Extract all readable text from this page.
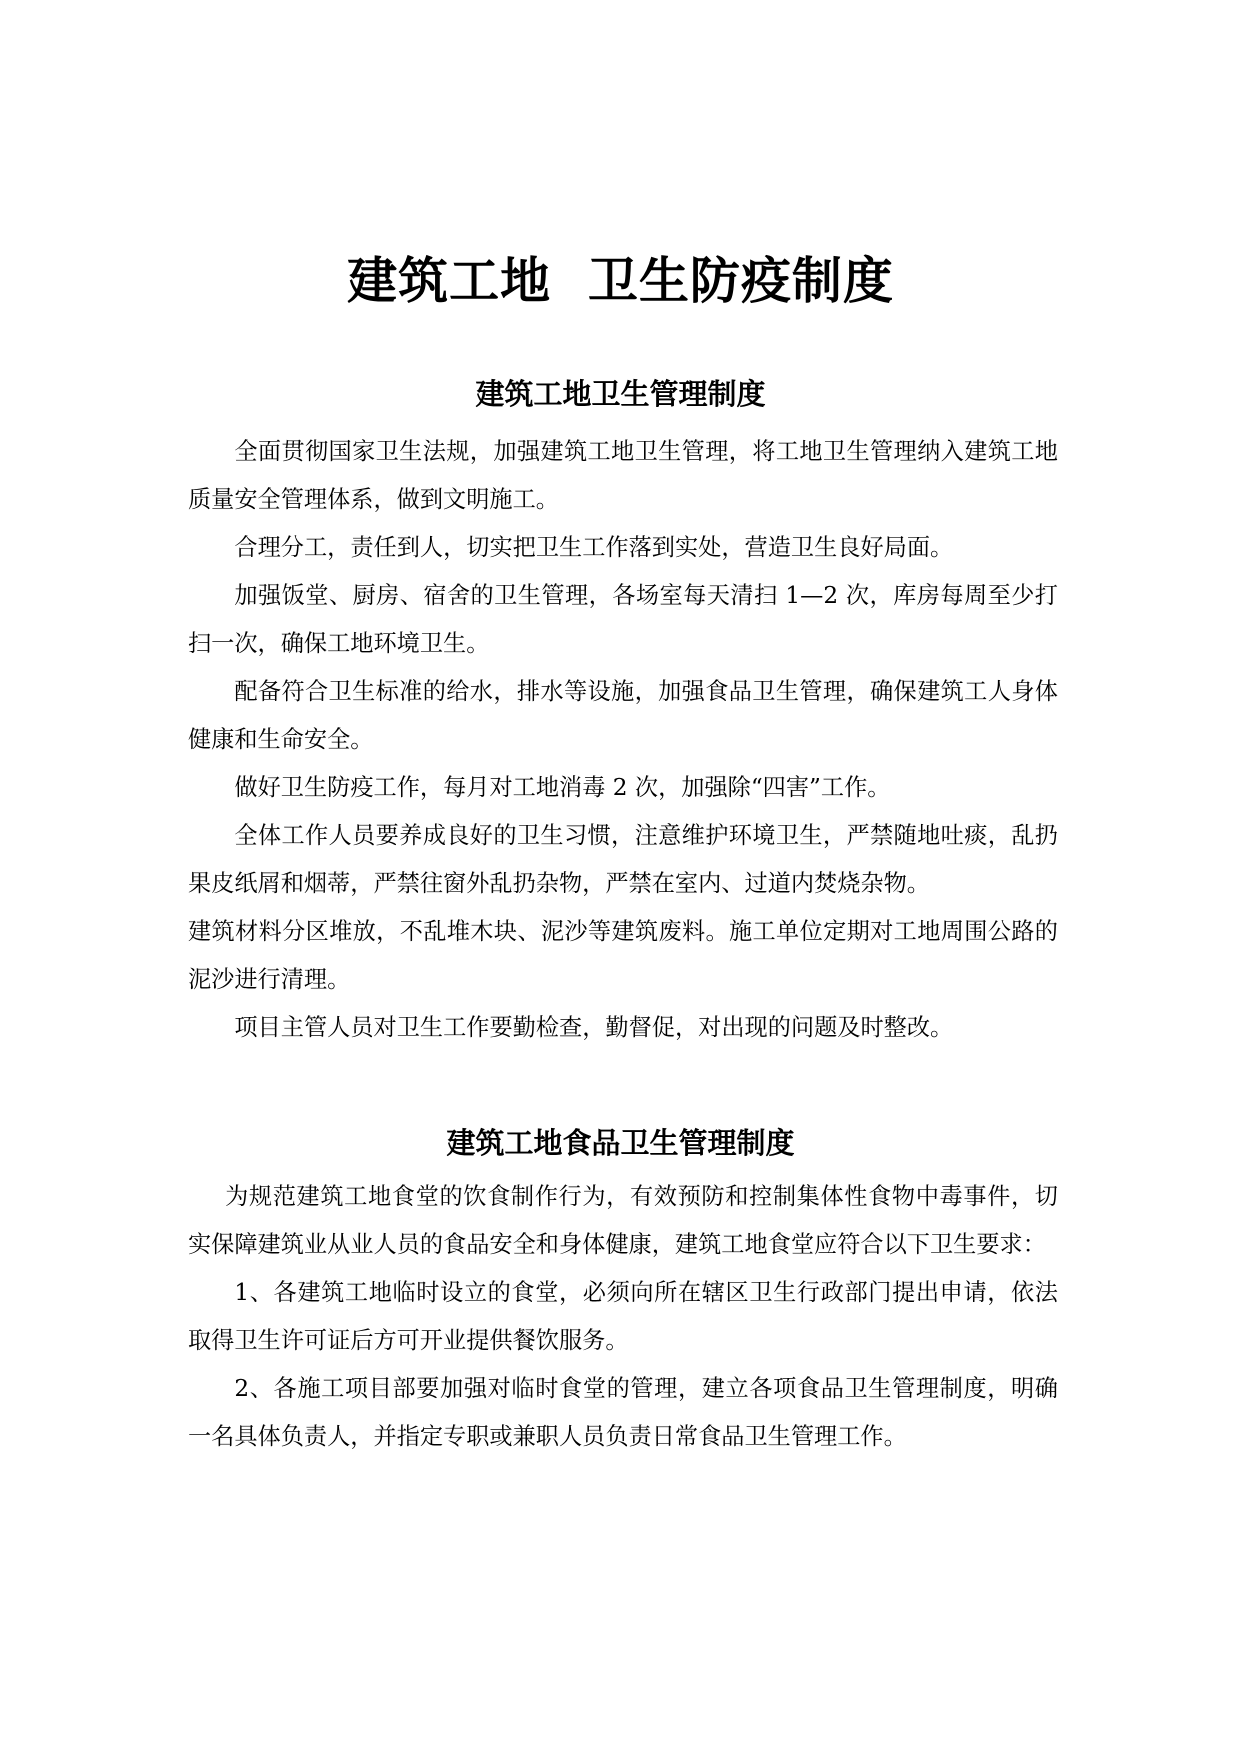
建筑工地  卫生防疫制度
建筑工地卫生管理制度

全面贯彻国家卫生法规，加强建筑工地卫生管理，将工地卫生管理纳入建筑工地质量安全管理体系，做到文明施工。

合理分工，责任到人，切实把卫生工作落到实处，营造卫生良好局面。

加强饭堂、厨房、宿舍的卫生管理，各场室每天清扫 1—2 次，库房每周至少打扫一次，确保工地环境卫生。

配备符合卫生标准的给水，排水等设施，加强食品卫生管理，确保建筑工人身体健康和生命安全。

做好卫生防疫工作，每月对工地消毒 2 次，加强除“四害”工作。

全体工作人员要养成良好的卫生习惯，注意维护环境卫生，严禁随地吐痰，乱扔果皮纸屑和烟蒂，严禁往窗外乱扔杂物，严禁在室内、过道内焚烧杂物。

建筑材料分区堆放，不乱堆木块、泥沙等建筑废料。施工单位定期对工地周围公路的泥沙进行清理。

项目主管人员对卫生工作要勤检查，勤督促，对出现的问题及时整改。

建筑工地食品卫生管理制度

为规范建筑工地食堂的饮食制作行为，有效预防和控制集体性食物中毒事件，切实保障建筑业从业人员的食品安全和身体健康，建筑工地食堂应符合以下卫生要求：

1、各建筑工地临时设立的食堂，必须向所在辖区卫生行政部门提出申请，依法取得卫生许可证后方可开业提供餐饮服务。

2、各施工项目部要加强对临时食堂的管理，建立各项食品卫生管理制度，明确一名具体负责人，并指定专职或兼职人员负责日常食品卫生管理工作。
